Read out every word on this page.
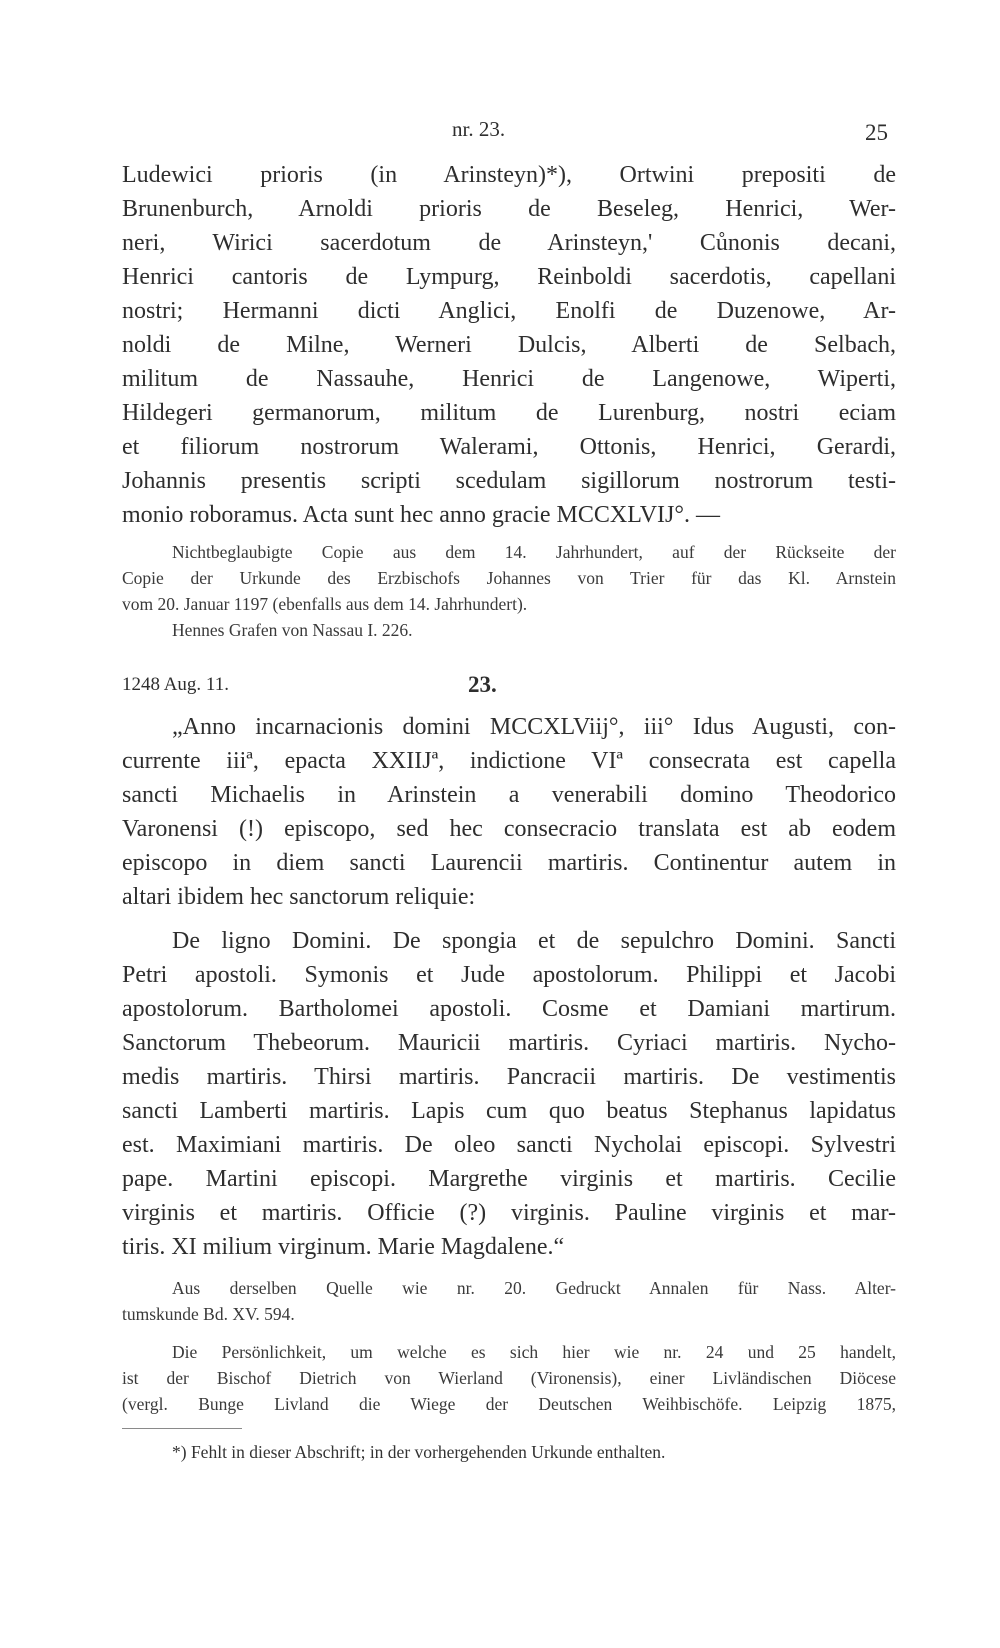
nr. 23.	25
Ludewici prioris (in Arinsteyn)*), Ortwini prepositi de
Brunenburch, Arnoldi prioris de Beseleg, Henrici, Wer-
neri, Wirici sacerdotum de Arinsteyn,' Cůnonis decani,
Henrici cantoris de Lympurg, Reinboldi sacerdotis, capellani
nostri; Hermanni dicti Anglici, Enolfi de Duzenowe, Ar-
noldi de Milne, Werneri Dulcis, Alberti de Selbach,
militum de Nassauhe, Henrici de Langenowe, Wiperti,
Hildegeri germanorum, militum de Lurenburg, nostri eciam
et filiorum nostrorum Walerami, Ottonis, Henrici, Gerardi,
Johannis presentis scripti scedulam sigillorum nostrorum testi-
monio roboramus. Acta sunt hec anno gracie MCCXLVIJ°. —
Nichtbeglaubigte Copie aus dem 14. Jahrhundert, auf der Rückseite der
Copie der Urkunde des Erzbischofs Johannes von Trier für das Kl. Arnstein
vom 20. Januar 1197 (ebenfalls aus dem 14. Jahrhundert).
Hennes Grafen von Nassau I. 226.
1248 Aug. 11.	23.
„Anno incarnacionis domini MCCXLViij°, iii° Idus Augusti, con-
currente iiiª, epacta XXIIJª, indictione VIª consecrata est capella
sancti Michaelis in Arinstein a venerabili domino Theodorico
Varonensi (!) episcopo, sed hec consecracio translata est ab eodem
episcopo in diem sancti Laurencii martiris. Continentur autem in
altari ibidem hec sanctorum reliquie:
De ligno Domini. De spongia et de sepulchro Domini. Sancti
Petri apostoli. Symonis et Jude apostolorum. Philippi et Jacobi
apostolorum. Bartholomei apostoli. Cosme et Damiani martirum.
Sanctorum Thebeorum. Mauricii martiris. Cyriaci martiris. Nycho-
medis martiris. Thirsi martiris. Pancracii martiris. De vestimentis
sancti Lamberti martiris. Lapis cum quo beatus Stephanus lapidatus
est. Maximiani martiris. De oleo sancti Nycholai episcopi. Sylvestri
pape. Martini episcopi. Margrethe virginis et martiris. Cecilie
virginis et martiris. Officie (?) virginis. Pauline virginis et mar-
tiris. XI milium virginum. Marie Magdalene.“
Aus derselben Quelle wie nr. 20. Gedruckt Annalen für Nass. Alter-
tumskunde Bd. XV. 594.
Die Persönlichkeit, um welche es sich hier wie nr. 24 und 25 handelt,
ist der Bischof Dietrich von Wierland (Vironensis), einer Livländischen Diöcese
(vergl. Bunge Livland die Wiege der Deutschen Weihbischöfe. Leipzig 1875,
*) Fehlt in dieser Abschrift; in der vorhergehenden Urkunde enthalten.
